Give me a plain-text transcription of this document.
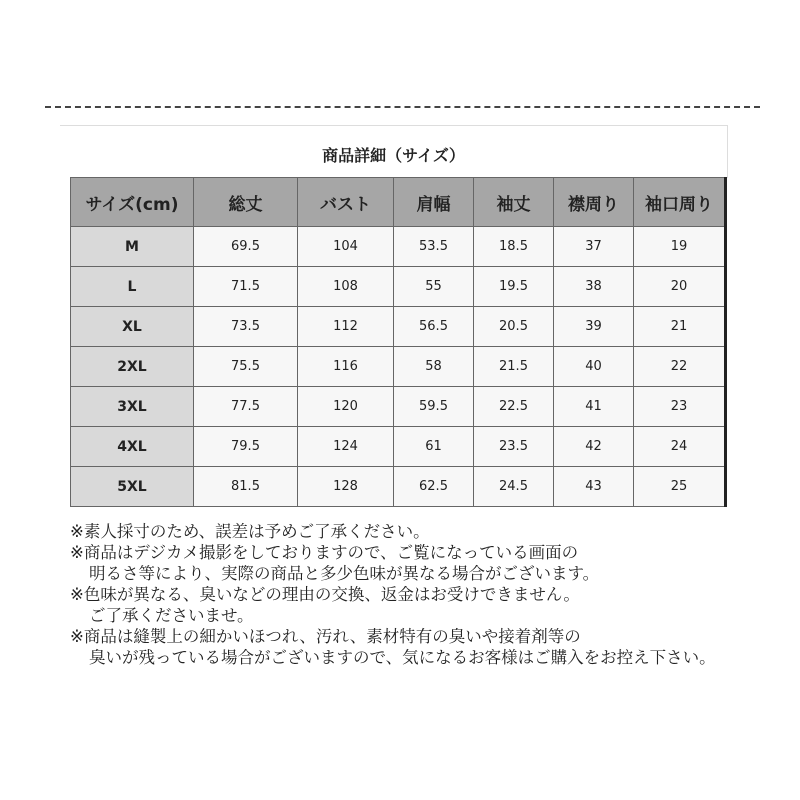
商品詳細（サイズ）
サイズ(cm)	総丈	バスト	肩幅	袖丈	襟周り	袖口周り
M	69.5	104	53.5	18.5	37	19
L	71.5	108	55	19.5	38	20
XL	73.5	112	56.5	20.5	39	21
2XL	75.5	116	58	21.5	40	22
3XL	77.5	120	59.5	22.5	41	23
4XL	79.5	124	61	23.5	42	24
5XL	81.5	128	62.5	24.5	43	25
※素人採寸のため、誤差は予めご了承ください。
※商品はデジカメ撮影をしておりますので、ご覧になっている画面の
明るさ等により、実際の商品と多少色味が異なる場合がございます。
※色味が異なる、臭いなどの理由の交換、返金はお受けできません。
ご了承くださいませ。
※商品は縫製上の細かいほつれ、汚れ、素材特有の臭いや接着剤等の
臭いが残っている場合がございますので、気になるお客様はご購入をお控え下さい。
